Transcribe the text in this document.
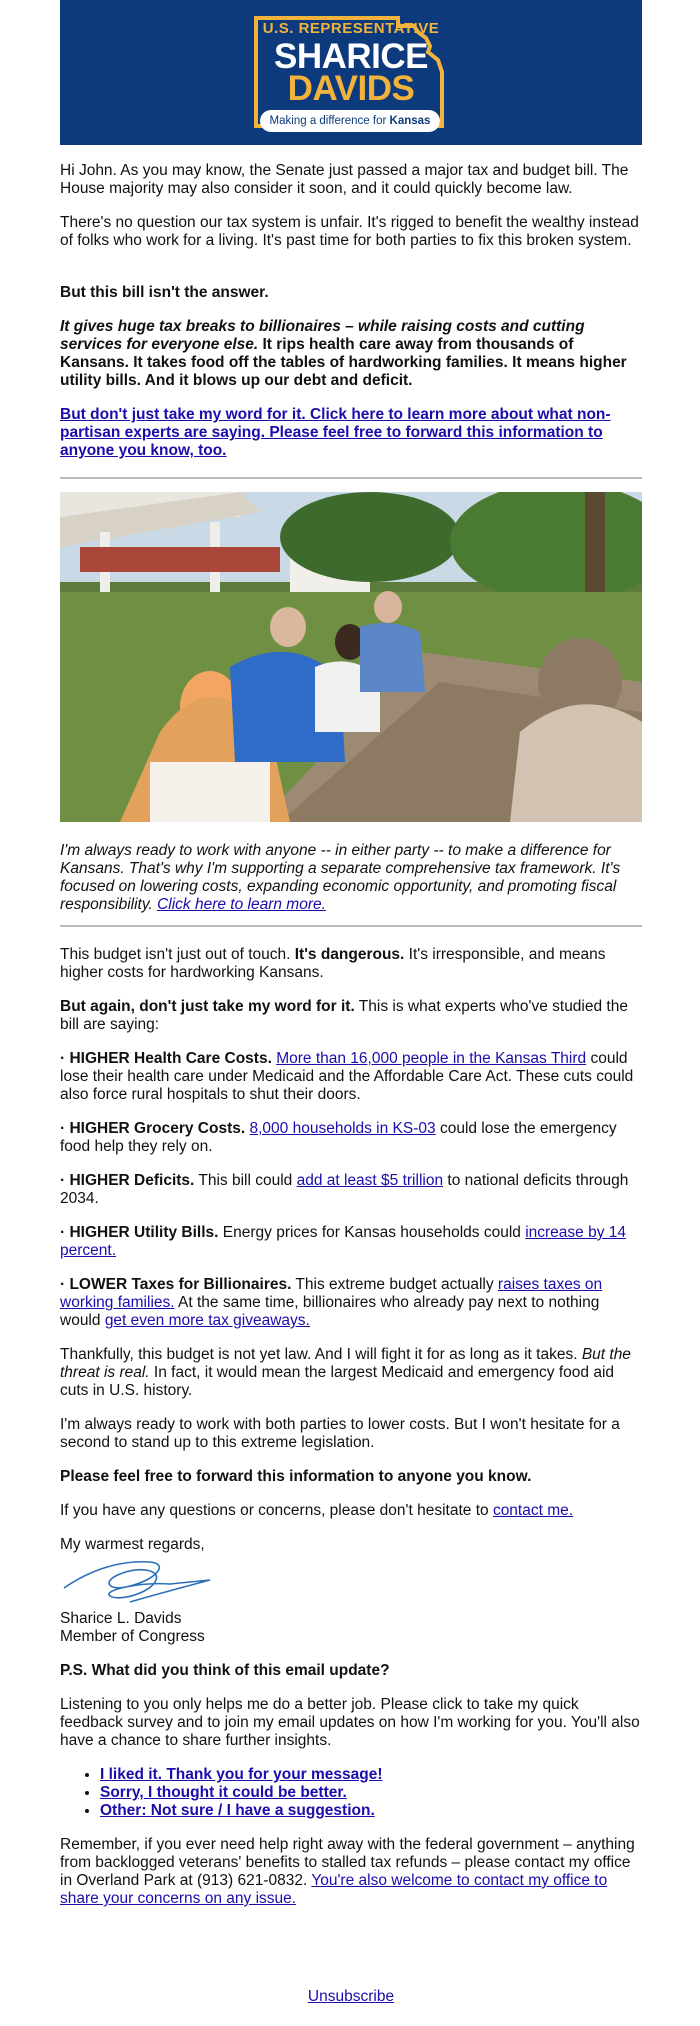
U.S. REPRESENTATIVE
SHARICE
DAVIDS
Making a difference for Kansas

Hi John. As you may know, the Senate just passed a major tax and budget bill. The House majority may also consider it soon, and it could quickly become law.

There's no question our tax system is unfair. It's rigged to benefit the wealthy instead of folks who work for a living. It's past time for both parties to fix this broken system.

But this bill isn't the answer.

It gives huge tax breaks to billionaires – while raising costs and cutting services for everyone else. It rips health care away from thousands of Kansans. It takes food off the tables of hardworking families. It means higher utility bills. And it blows up our debt and deficit.

But don't just take my word for it. Click here to learn more about what non-partisan experts are saying. Please feel free to forward this information to anyone you know, too.

I'm always ready to work with anyone -- in either party -- to make a difference for Kansans. That's why I'm supporting a separate comprehensive tax framework. It's focused on lowering costs, expanding economic opportunity, and promoting fiscal responsibility. Click here to learn more.

This budget isn't just out of touch. It's dangerous. It's irresponsible, and means higher costs for hardworking Kansans.

But again, don't just take my word for it. This is what experts who've studied the bill are saying:

· HIGHER Health Care Costs. More than 16,000 people in the Kansas Third could lose their health care under Medicaid and the Affordable Care Act. These cuts could also force rural hospitals to shut their doors.

· HIGHER Grocery Costs. 8,000 households in KS-03 could lose the emergency food help they rely on.

· HIGHER Deficits. This bill could add at least $5 trillion to national deficits through 2034.

· HIGHER Utility Bills. Energy prices for Kansas households could increase by 14 percent.

· LOWER Taxes for Billionaires. This extreme budget actually raises taxes on working families. At the same time, billionaires who already pay next to nothing would get even more tax giveaways.

Thankfully, this budget is not yet law. And I will fight it for as long as it takes. But the threat is real. In fact, it would mean the largest Medicaid and emergency food aid cuts in U.S. history.

I'm always ready to work with both parties to lower costs. But I won't hesitate for a second to stand up to this extreme legislation.

Please feel free to forward this information to anyone you know.

If you have any questions or concerns, please don't hesitate to contact me.

My warmest regards,

Sharice L. Davids

Member of Congress

P.S. What did you think of this email update?

Listening to you only helps me do a better job. Please click to take my quick feedback survey and to join my email updates on how I'm working for you. You'll also have a chance to share further insights.

• I liked it. Thank you for your message!
• Sorry, I thought it could be better.
• Other: Not sure / I have a suggestion.

Remember, if you ever need help right away with the federal government – anything from backlogged veterans' benefits to stalled tax refunds – please contact my office in Overland Park at (913) 621-0832. You're also welcome to contact my office to share your concerns on any issue.

Unsubscribe
